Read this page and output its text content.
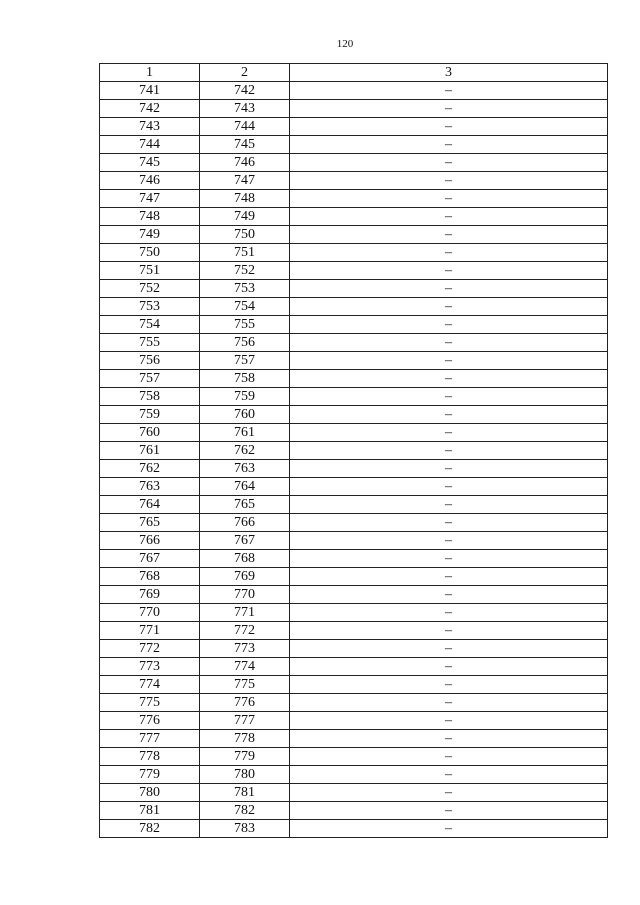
120
1	2	3
741	742	–
742	743	–
743	744	–
744	745	–
745	746	–
746	747	–
747	748	–
748	749	–
749	750	–
750	751	–
751	752	–
752	753	–
753	754	–
754	755	–
755	756	–
756	757	–
757	758	–
758	759	–
759	760	–
760	761	–
761	762	–
762	763	–
763	764	–
764	765	–
765	766	–
766	767	–
767	768	–
768	769	–
769	770	–
770	771	–
771	772	–
772	773	–
773	774	–
774	775	–
775	776	–
776	777	–
777	778	–
778	779	–
779	780	–
780	781	–
781	782	–
782	783	–
